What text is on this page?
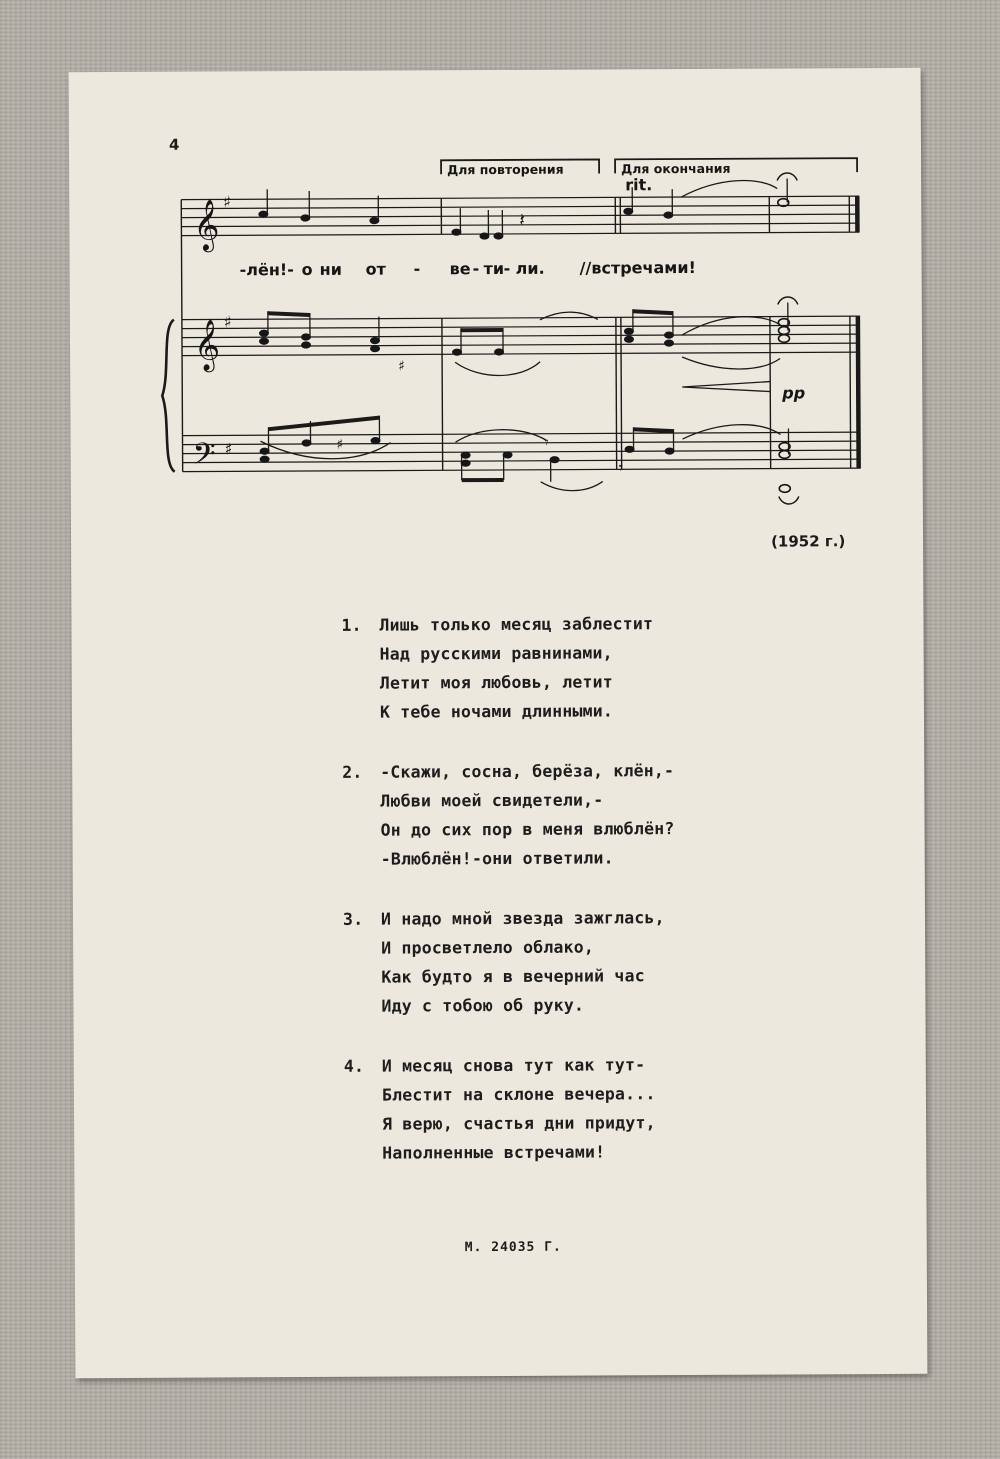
4
𝄞
𝄞
𝄢
♯
♯
♯
♯
♯
𝄽
𝄾
𝄾
Для повторения	Для окончания
rit.
pp
-лён!- о ни от - ве - ти - ли. //встречами!
(1952 г.)
1.	Лишь только месяц заблестит
Над русскими равнинами,
Летит моя любовь, летит
К тебе ночами длинными.
2.	-Скажи, сосна, берёза, клён,-
Любви моей свидетели,-
Он до сих пор в меня влюблён?
-Влюблён!-они ответили.
3.	И надо мной звезда зажглась,
И просветлело облако,
Как будто я в вечерний час
Иду с тобою об руку.
4.	И месяц снова тут как тут-
Блестит на склоне вечера...
Я верю, счастья дни придут,
Наполненные встречами!
М. 24035 Г.
